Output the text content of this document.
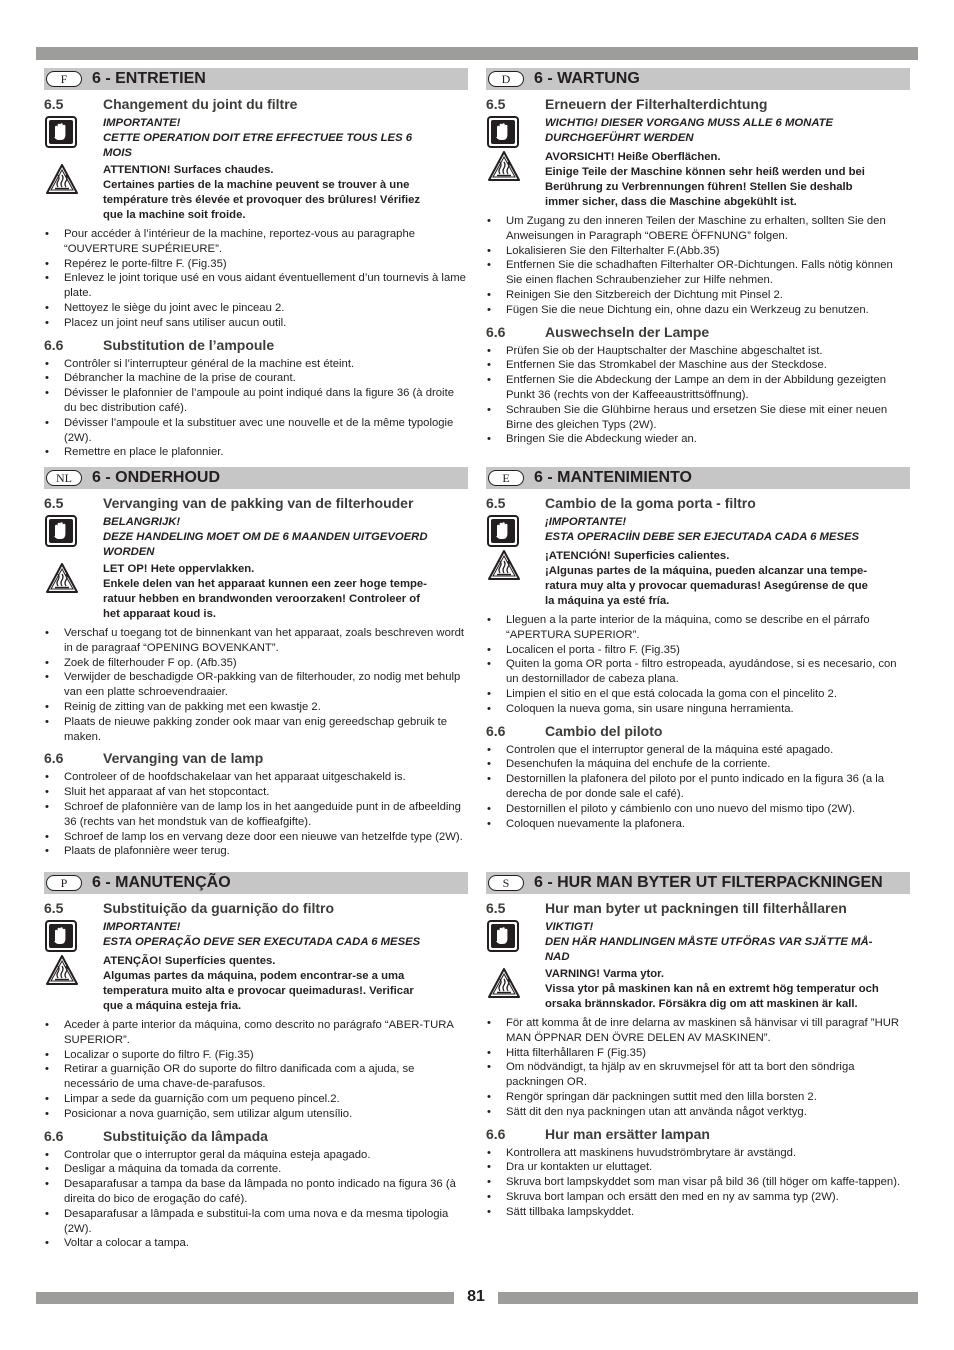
F	6 - ENTRETIEN
6.5	Changement du joint du filtre
IMPORTANTE!
CETTE OPERATION DOIT ETRE EFFECTUEE TOUS LES 6
MOIS
ATTENTION! Surfaces chaudes.
Certaines parties de la machine peuvent se trouver à une
température très élevée et provoquer des brûlures! Vérifiez
que la machine soit froide.
• Pour accéder à l’intérieur de la machine, reportez-vous au paragraphe “OUVERTURE SUPÉRIEURE”.
• Repérez le porte-filtre F. (Fig.35)
• Enlevez le joint torique usé en vous aidant éventuellement d’un tournevis à lame plate.
• Nettoyez le siège du joint avec le pinceau 2.
• Placez un joint neuf sans utiliser aucun outil.
6.6	Substitution de l’ampoule
• Contrôler si l’interrupteur général de la machine est éteint.
• Débrancher la machine de la prise de courant.
• Dévisser le plafonnier de l’ampoule au point indiqué dans la figure 36 (à droite du bec distribution café).
• Dévisser l’ampoule et la substituer avec une nouvelle et de la même typologie (2W).
• Remettre en place le plafonnier.
D	6 - WARTUNG
6.5	Erneuern der Filterhalterdichtung
WICHTIG! DIESER VORGANG MUSS ALLE 6 MONATE
DURCHGEFÜHRT WERDEN
AVORSICHT! Heiße Oberflächen.
Einige Teile der Maschine können sehr heiß werden und bei
Berührung zu Verbrennungen führen! Stellen Sie deshalb
immer sicher, dass die Maschine abgekühlt ist.
• Um Zugang zu den inneren Teilen der Maschine zu erhalten, sollten Sie den Anweisungen in Paragraph “OBERE ÖFFNUNG” folgen.
• Lokalisieren Sie den Filterhalter F.(Abb.35)
• Entfernen Sie die schadhaften Filterhalter OR-Dichtungen. Falls nötig können Sie einen flachen Schraubenzieher zur Hilfe nehmen.
• Reinigen Sie den Sitzbereich der Dichtung mit Pinsel 2.
• Fügen Sie die neue Dichtung ein, ohne dazu ein Werkzeug zu benutzen.
6.6	Auswechseln der Lampe
• Prüfen Sie ob der Hauptschalter der Maschine abgeschaltet ist.
• Entfernen Sie das Stromkabel der Maschine aus der Steckdose.
• Entfernen Sie die Abdeckung der Lampe an dem in der Abbildung gezeigten Punkt 36 (rechts von der Kaffeeaustrittsöffnung).
• Schrauben Sie die Glühbirne heraus und ersetzen Sie diese mit einer neuen Birne des gleichen Typs (2W).
• Bringen Sie die Abdeckung wieder an.
NL	6 - ONDERHOUD
6.5	Vervanging van de pakking van de filterhouder
BELANGRIJK!
DEZE HANDELING MOET OM DE 6 MAANDEN UITGEVOERD
WORDEN
LET OP! Hete oppervlakken.
Enkele delen van het apparaat kunnen een zeer hoge tempe-
ratuur hebben en brandwonden veroorzaken! Controleer of
het apparaat koud is.
• Verschaf u toegang tot de binnenkant van het apparaat, zoals beschreven wordt in de paragraaf “OPENING BOVENKANT”.
• Zoek de filterhouder F op. (Afb.35)
• Verwijder de beschadigde OR-pakking van de filterhouder, zo nodig met behulp van een platte schroevendraaier.
• Reinig de zitting van de pakking met een kwastje 2.
• Plaats de nieuwe pakking zonder ook maar van enig gereedschap gebruik te maken.
6.6	Vervanging van de lamp
• Controleer of de hoofdschakelaar van het apparaat uitgeschakeld is.
• Sluit het apparaat af van het stopcontact.
• Schroef de plafonnière van de lamp los in het aangeduide punt in de afbeelding 36 (rechts van het mondstuk van de koffieafgifte).
• Schroef de lamp los en vervang deze door een nieuwe van hetzelfde type (2W).
• Plaats de plafonnière weer terug.
E	6 - MANTENIMIENTO
6.5	Cambio de la goma porta - filtro
¡IMPORTANTE!
ESTA OPERACIİN DEBE SER EJECUTADA CADA 6 MESES
¡ATENCIÓN! Superficies calientes.
¡Algunas partes de la máquina, pueden alcanzar una tempe-
ratura muy alta y provocar quemaduras! Asegúrense de que
la máquina ya esté fría.
• Lleguen a la parte interior de la máquina, como se describe en el párrafo “APERTURA SUPERIOR”.
• Localicen el porta - filtro F. (Fig.35)
• Quiten la goma OR porta - filtro estropeada, ayudándose, si es necesario, con un destornillador de cabeza plana.
• Limpien el sitio en el que está colocada la goma con el pincelito 2.
• Coloquen la nueva goma, sin usare ninguna herramienta.
6.6	Cambio del piloto
• Controlen que el interruptor general de la máquina esté apagado.
• Desenchufen la máquina del enchufe de la corriente.
• Destornillen la plafonera del piloto por el punto indicado en la figura 36 (a la derecha de por donde sale el café).
• Destornillen el piloto y cámbienlo con uno nuevo del mismo tipo (2W).
• Coloquen nuevamente la plafonera.
P	6 - MANUTENÇÃO
6.5	Substituição da guarnição do filtro
IMPORTANTE!
ESTA OPERAÇÃO DEVE SER EXECUTADA CADA 6 MESES
ATENÇÃO! Superfícies quentes.
Algumas partes da máquina, podem encontrar-se a uma
temperatura muito alta e provocar queimaduras!. Verificar
que a máquina esteja fria.
• Aceder à parte interior da máquina, como descrito no parágrafo “ABER-TURA SUPERIOR”.
• Localizar o suporte do filtro F. (Fig.35)
• Retirar a guarnição OR do suporte do filtro danificada com a ajuda, se necessário de uma chave-de-parafusos.
• Limpar a sede da guarnição com um pequeno pincel.2.
• Posicionar a nova guarnição, sem utilizar algum utensílio.
6.6	Substituição da lâmpada
• Controlar que o interruptor geral da máquina esteja apagado.
• Desligar a máquina da tomada da corrente.
• Desaparafusar a tampa da base da lâmpada no ponto indicado na figura 36 (à direita do bico de erogação do café).
• Desaparafusar a lâmpada e substitui-la com uma nova e da mesma tipologia (2W).
• Voltar a colocar a tampa.
S	6 - HUR MAN BYTER UT FILTERPACKNINGEN
6.5	Hur man byter ut packningen till filterhållaren
VIKTIGT!
DEN HÄR HANDLINGEN MÅSTE UTFÖRAS VAR SJÄTTE MÅ-
NAD
VARNING! Varma ytor.
Vissa ytor på maskinen kan nå en extremt hög temperatur och
orsaka brännskador. Försäkra dig om att maskinen är kall.
• För att komma åt de inre delarna av maskinen så hänvisar vi till paragraf ”HUR MAN ÖPPNAR DEN ÖVRE DELEN AV MASKINEN”.
• Hitta filterhållaren F (Fig.35)
• Om nödvändigt, ta hjälp av en skruvmejsel för att ta bort den söndriga packningen OR.
• Rengör springan där packningen suttit med den lilla borsten 2.
• Sätt dit den nya packningen utan att använda något verktyg.
6.6	Hur man ersätter lampan
• Kontrollera att maskinens huvudströmbrytare är avstängd.
• Dra ur kontakten ur eluttaget.
• Skruva bort lampskyddet som man visar på bild 36 (till höger om kaffe-tappen).
• Skruva bort lampan och ersätt den med en ny av samma typ (2W).
• Sätt tillbaka lampskyddet.
81
